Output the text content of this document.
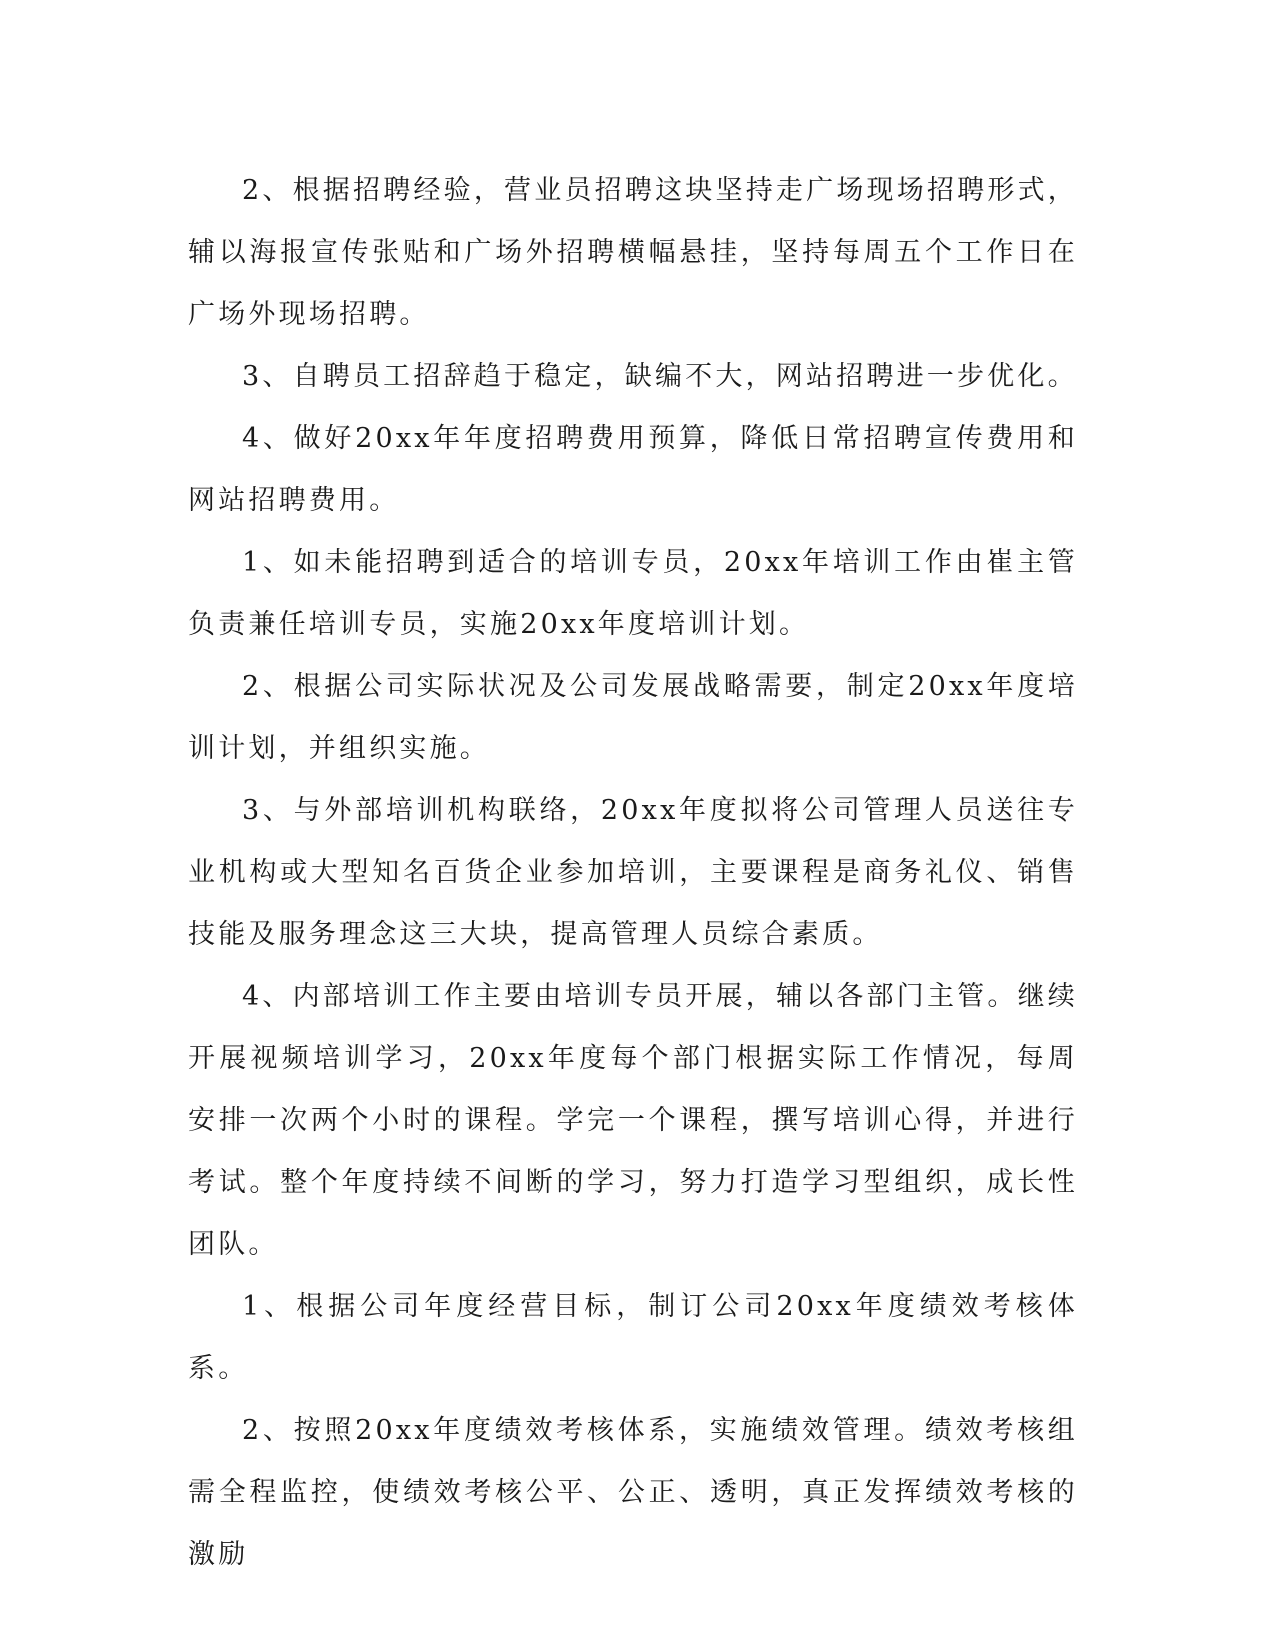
2、根据招聘经验，营业员招聘这块坚持走广场现场招聘形式，辅以海报宣传张贴和广场外招聘横幅悬挂，坚持每周五个工作日在广场外现场招聘。

3、自聘员工招辞趋于稳定，缺编不大，网站招聘进一步优化。

4、做好20xx年年度招聘费用预算，降低日常招聘宣传费用和网站招聘费用。

1、如未能招聘到适合的培训专员，20xx年培训工作由崔主管负责兼任培训专员，实施20xx年度培训计划。

2、根据公司实际状况及公司发展战略需要，制定20xx年度培训计划，并组织实施。

3、与外部培训机构联络，20xx年度拟将公司管理人员送往专业机构或大型知名百货企业参加培训，主要课程是商务礼仪、销售技能及服务理念这三大块，提高管理人员综合素质。

4、内部培训工作主要由培训专员开展，辅以各部门主管。继续开展视频培训学习，20xx年度每个部门根据实际工作情况，每周安排一次两个小时的课程。学完一个课程，撰写培训心得，并进行考试。整个年度持续不间断的学习，努力打造学习型组织，成长性团队。

1、根据公司年度经营目标，制订公司20xx年度绩效考核体系。

2、按照20xx年度绩效考核体系，实施绩效管理。绩效考核组需全程监控，使绩效考核公平、公正、透明，真正发挥绩效考核的激励
